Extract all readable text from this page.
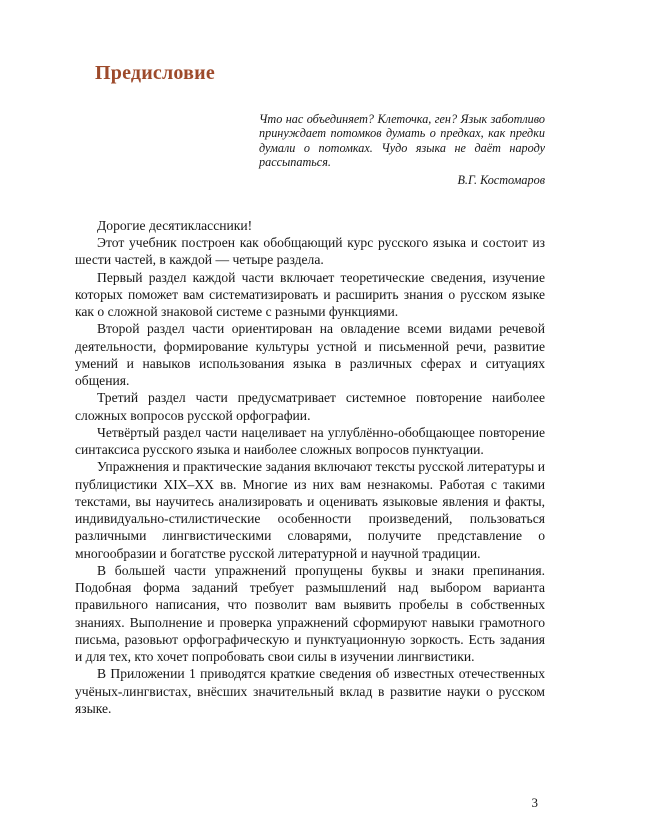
Предисловие

Что нас объединяет? Клеточка, ген? Язык заботливо принуждает потомков думать о предках, как предки думали о потомках. Чудо языка не даёт народу рассыпаться.

В.Г. Костомаров

Дорогие десятиклассники!

Этот учебник построен как обобщающий курс русского языка и состоит из шести частей, в каждой — четыре раздела.

Первый раздел каждой части включает теоретические сведения, изучение которых поможет вам систематизировать и расширить знания о русском языке как о сложной знаковой системе с разными функциями.

Второй раздел части ориентирован на овладение всеми видами речевой деятельности, формирование культуры устной и письменной речи, развитие умений и навыков использования языка в различных сферах и ситуациях общения.

Третий раздел части предусматривает системное повторение наиболее сложных вопросов русской орфографии.

Четвёртый раздел части нацеливает на углублённо-обобщающее повторение синтаксиса русского языка и наиболее сложных вопросов пунктуации.

Упражнения и практические задания включают тексты русской литературы и публицистики XIX–XX вв. Многие из них вам незнакомы. Работая с такими текстами, вы научитесь анализировать и оценивать языковые явления и факты, индивидуально-стилистические особенности произведений, пользоваться различными лингвистическими словарями, получите представление о многообразии и богатстве русской литературной и научной традиции.

В большей части упражнений пропущены буквы и знаки препинания. Подобная форма заданий требует размышлений над выбором варианта правильного написания, что позволит вам выявить пробелы в собственных знаниях. Выполнение и проверка упражнений сформируют навыки грамотного письма, разовьют орфографическую и пунктуационную зоркость. Есть задания и для тех, кто хочет попробовать свои силы в изучении лингвистики.

В Приложении 1 приводятся краткие сведения об известных отечественных учёных-лингвистах, внёсших значительный вклад в развитие науки о русском языке.

3
